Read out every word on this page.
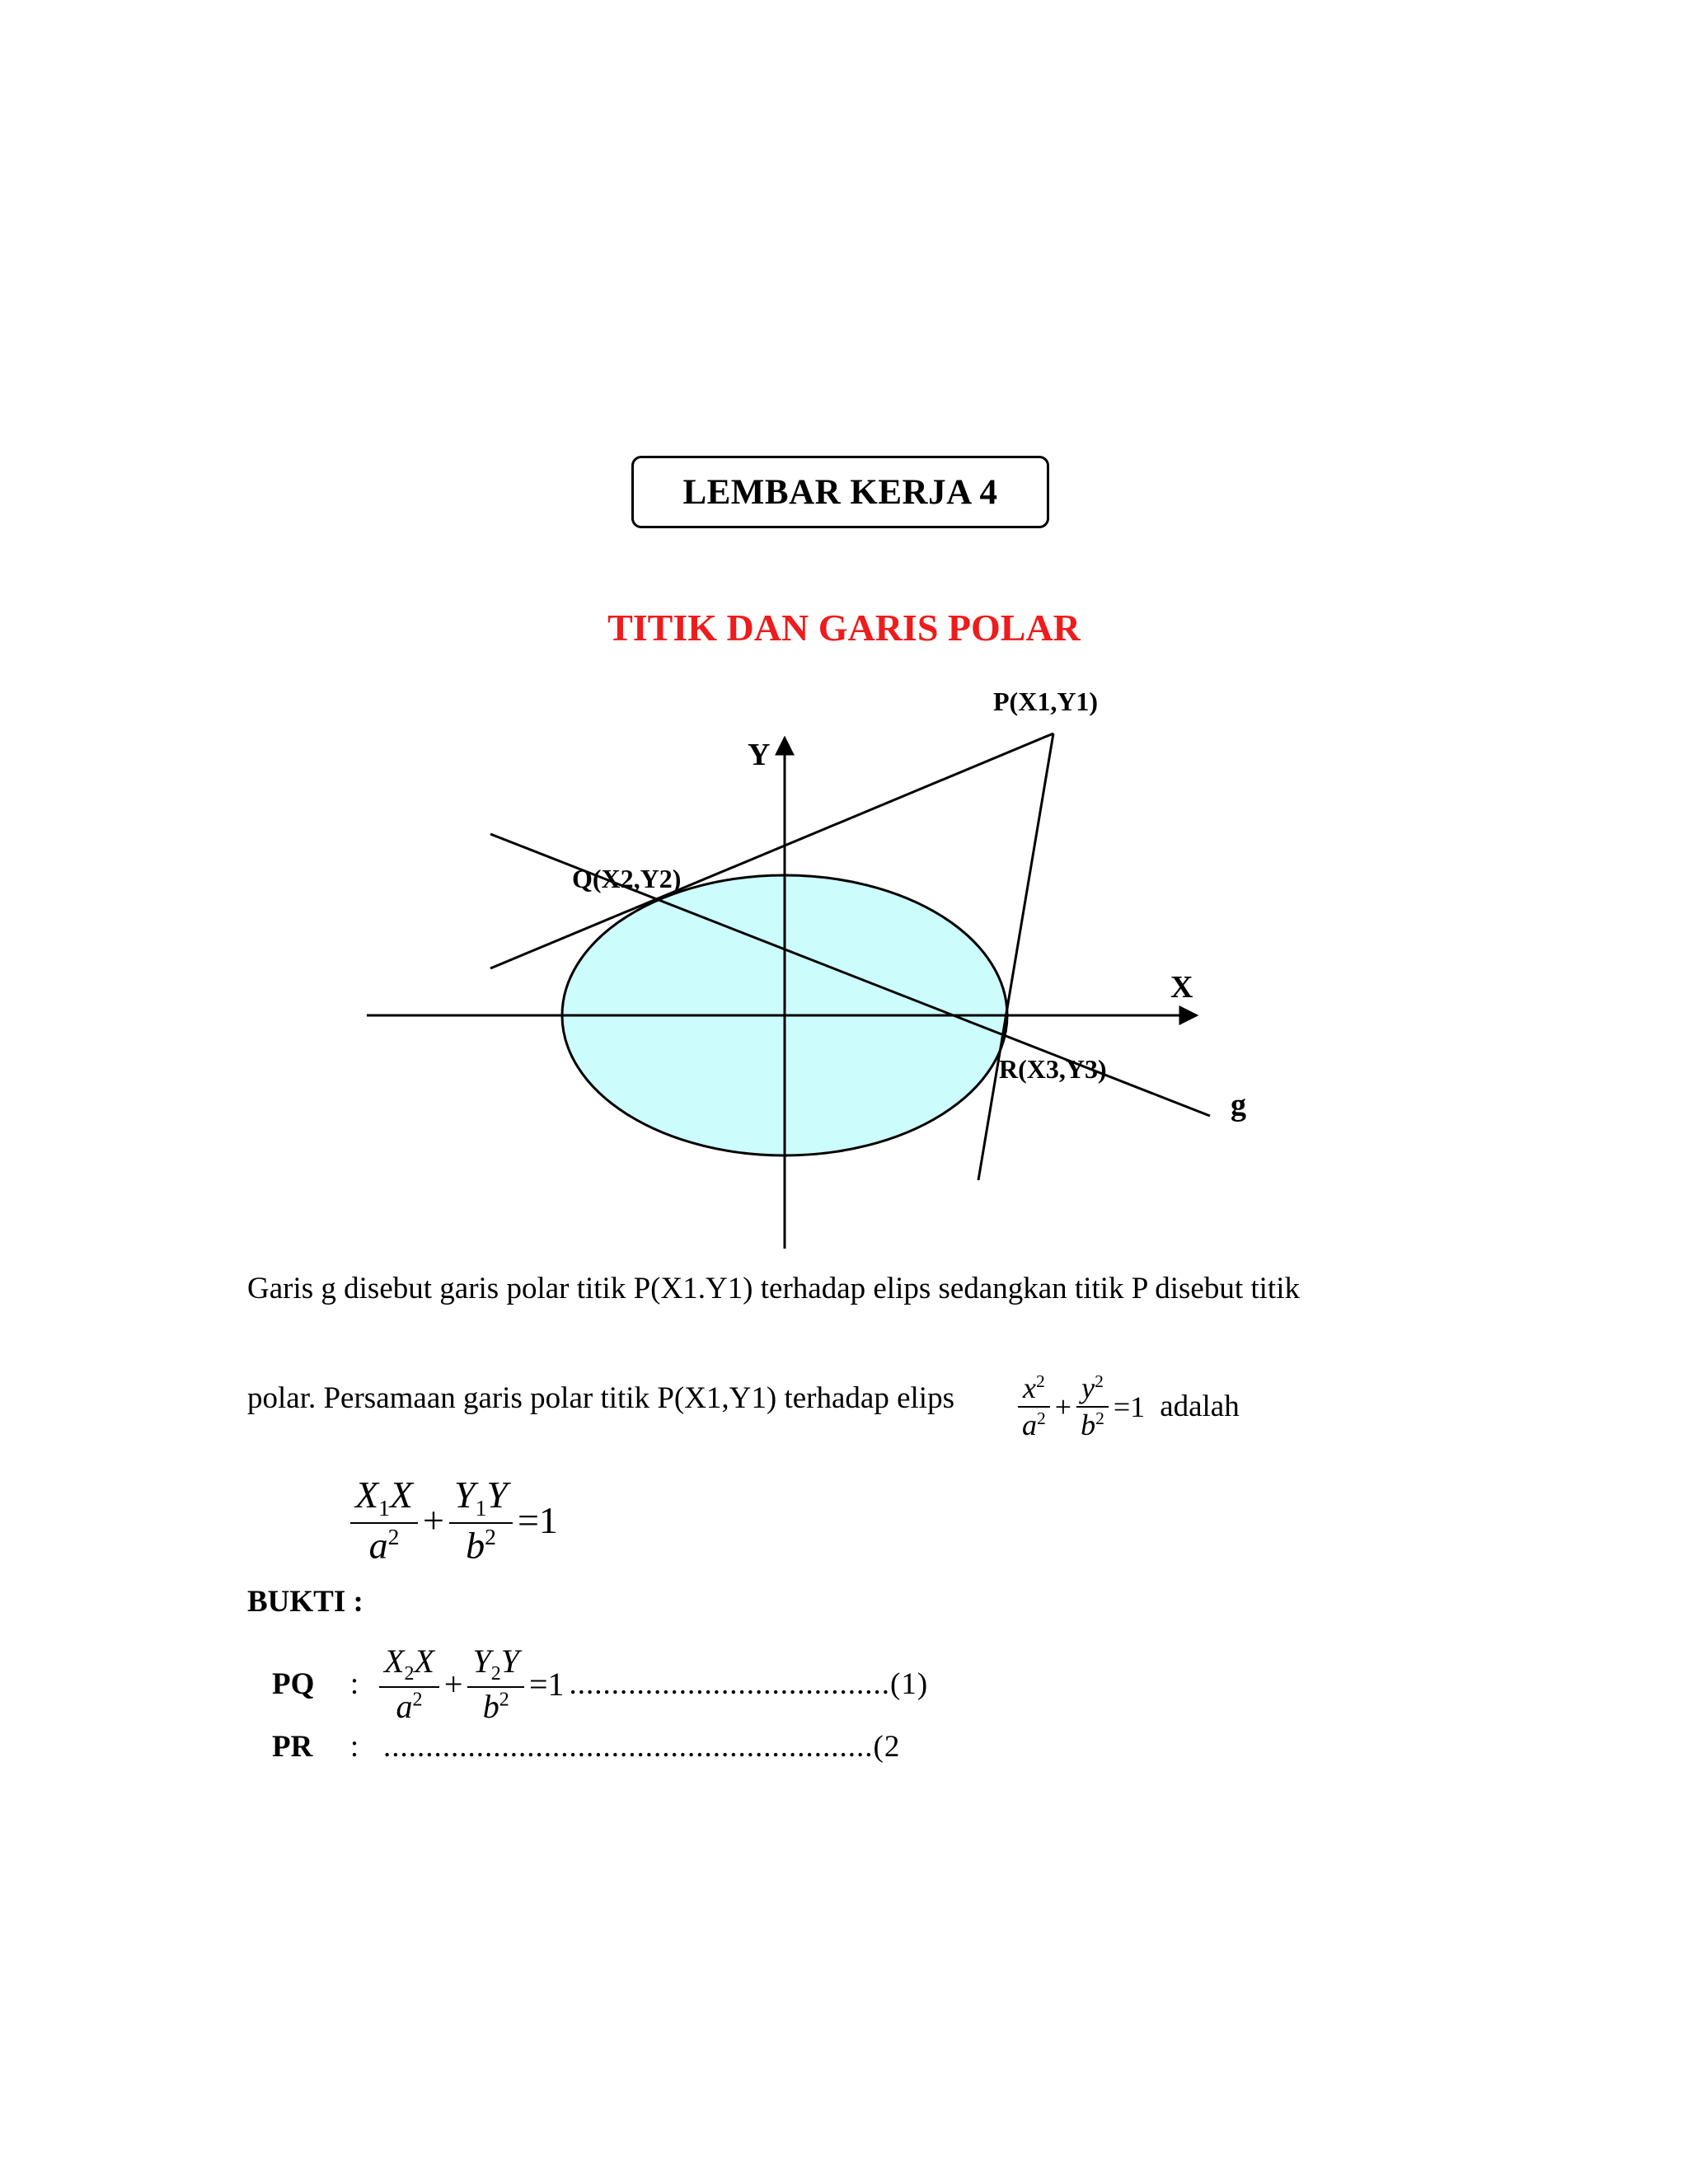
LEMBAR KERJA 4
TITIK DAN GARIS POLAR
P(X1,Y1)
Q(X2,Y2)
R(X3,Y3)
X
Y
g
Garis g disebut garis polar titik P(X1.Y1) terhadap elips sedangkan titik P disebut titik
polar. Persamaan garis polar titik P(X1,Y1) terhadap elips $\frac{x^2}{a^2} + \frac{y^2}{b^2} =1$ adalah
$\frac{X_1X}{a^2} + \frac{Y_1Y}{b^2} =1$
BUKTI :
PQ	: $\frac{X_2X}{a^2} + \frac{Y_2Y}{b^2} =1$ ......................................(1)
PR	: ..........................................................(2
